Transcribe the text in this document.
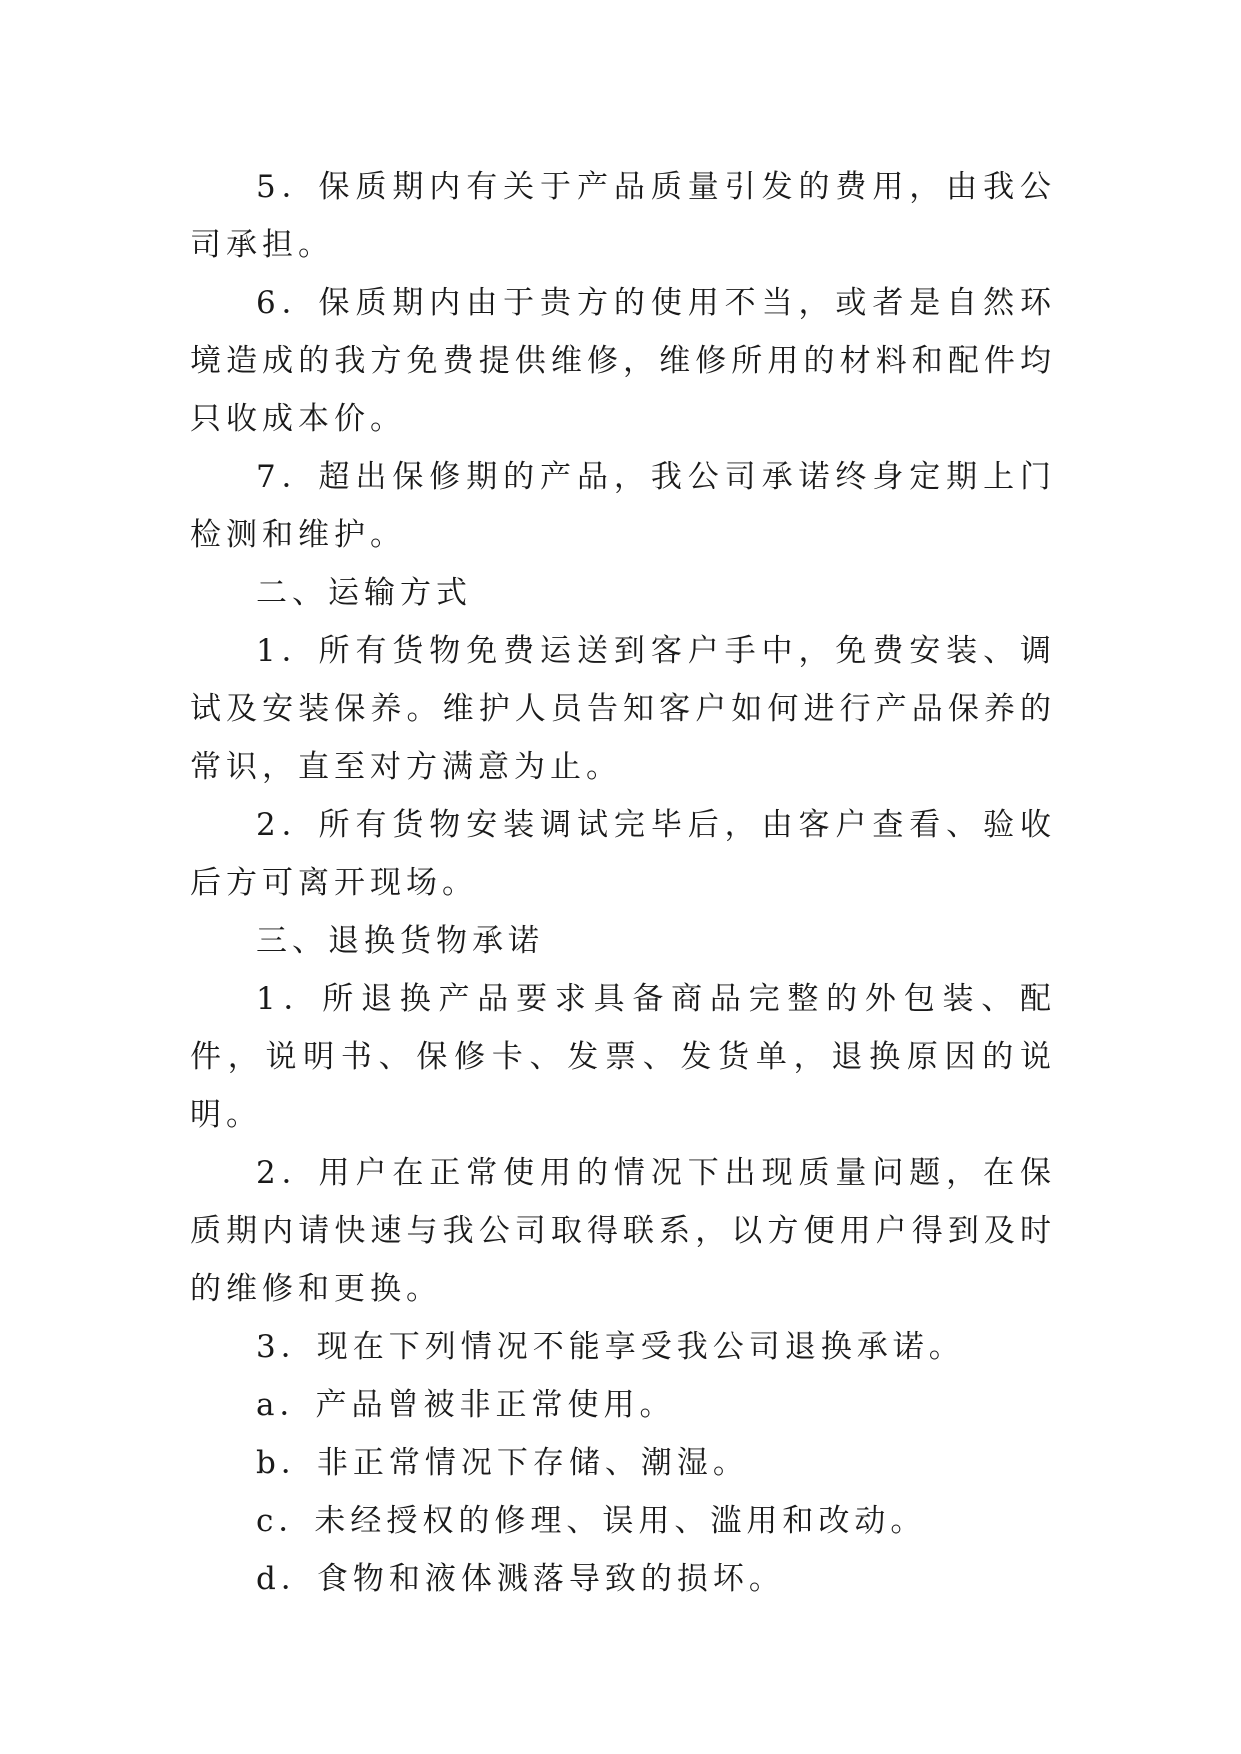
5．保质期内有关于产品质量引发的费用，由我公司承担。

6．保质期内由于贵方的使用不当，或者是自然环境造成的我方免费提供维修，维修所用的材料和配件均只收成本价。

7．超出保修期的产品，我公司承诺终身定期上门检测和维护。

二、运输方式

1．所有货物免费运送到客户手中，免费安装、调试及安装保养。维护人员告知客户如何进行产品保养的常识，直至对方满意为止。

2．所有货物安装调试完毕后，由客户查看、验收后方可离开现场。

三、退换货物承诺

1．所退换产品要求具备商品完整的外包装、配件，说明书、保修卡、发票、发货单，退换原因的说明。

2．用户在正常使用的情况下出现质量问题，在保质期内请快速与我公司取得联系，以方便用户得到及时的维修和更换。

3．现在下列情况不能享受我公司退换承诺。

a．产品曾被非正常使用。

b．非正常情况下存储、潮湿。

c．未经授权的修理、误用、滥用和改动。

d．食物和液体溅落导致的损坏。
